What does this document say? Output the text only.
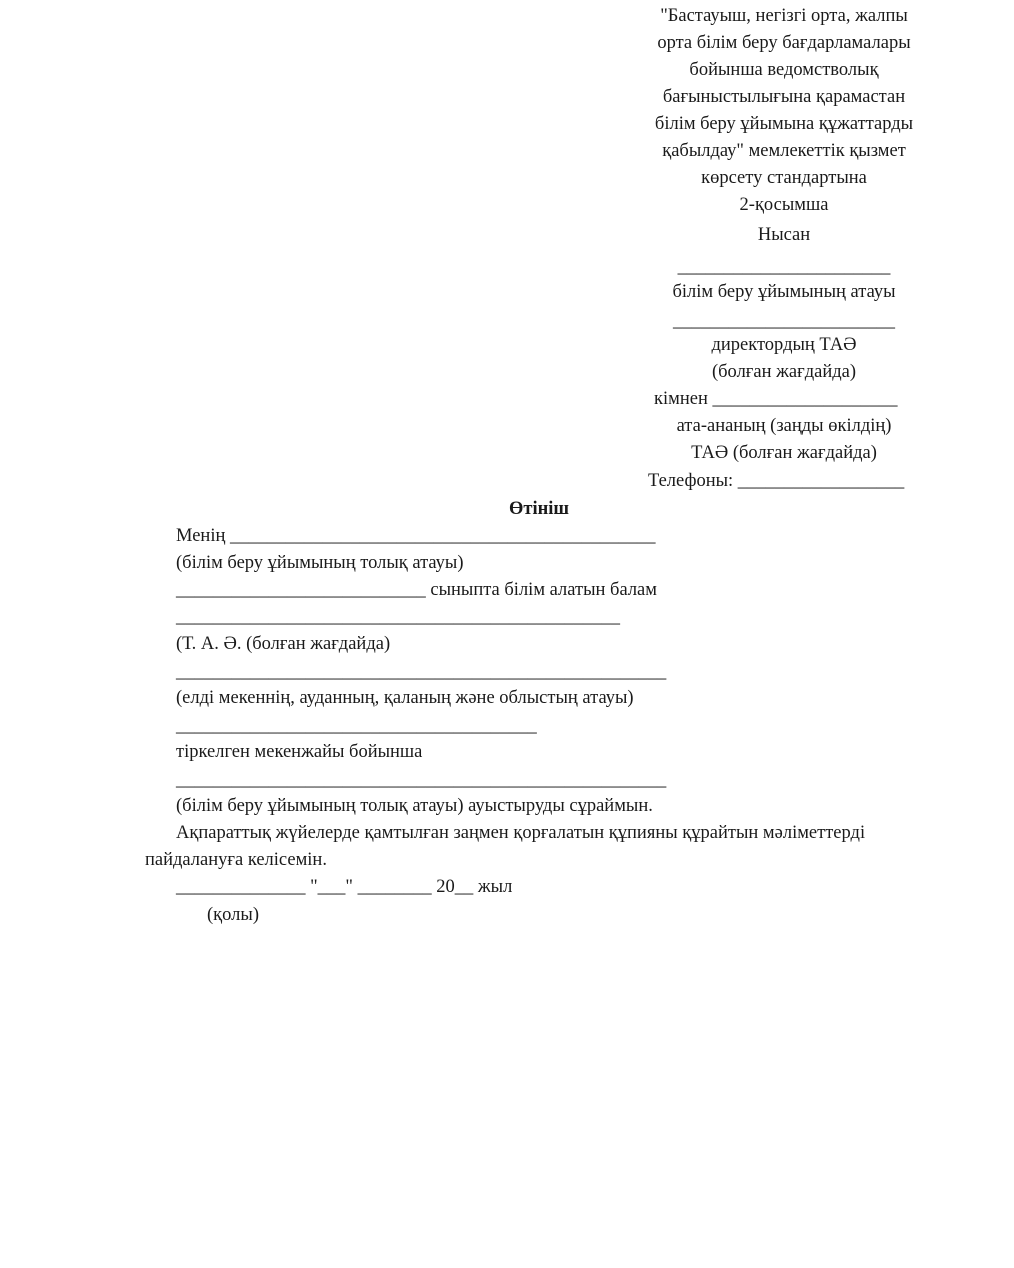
"Бастауыш, негізгі орта, жалпы
орта білім беру бағдарламалары
бойынша ведомстволық
бағыныстылығына қарамастан
білім беру ұйымына құжаттарды
қабылдау" мемлекеттік қызмет
көрсету стандартына
2-қосымша
Нысан
_______________________
білім беру ұйымының атауы
________________________
директордың ТАӘ
(болған жағдайда)
кімнен ____________________
ата-ананың (заңды өкілдің)
ТАӘ (болған жағдайда)
Телефоны: __________________
Өтініш
Менің ______________________________________________
(білім беру ұйымының толық атауы)
___________________________ сыныпта білім алатын балам
________________________________________________
(Т. А. Ә. (болған жағдайда)
_____________________________________________________
(елді мекеннің, ауданның, қаланың және облыстың атауы)
_______________________________________
тіркелген мекенжайы бойынша
_____________________________________________________
(білім беру ұйымының толық атауы) ауыстыруды сұраймын.
Ақпараттық жүйелерде қамтылған заңмен қорғалатын құпияны құрайтын мәліметтерді
пайдалануға келісемін.
______________ "___" ________ 20__ жыл
(қолы)
